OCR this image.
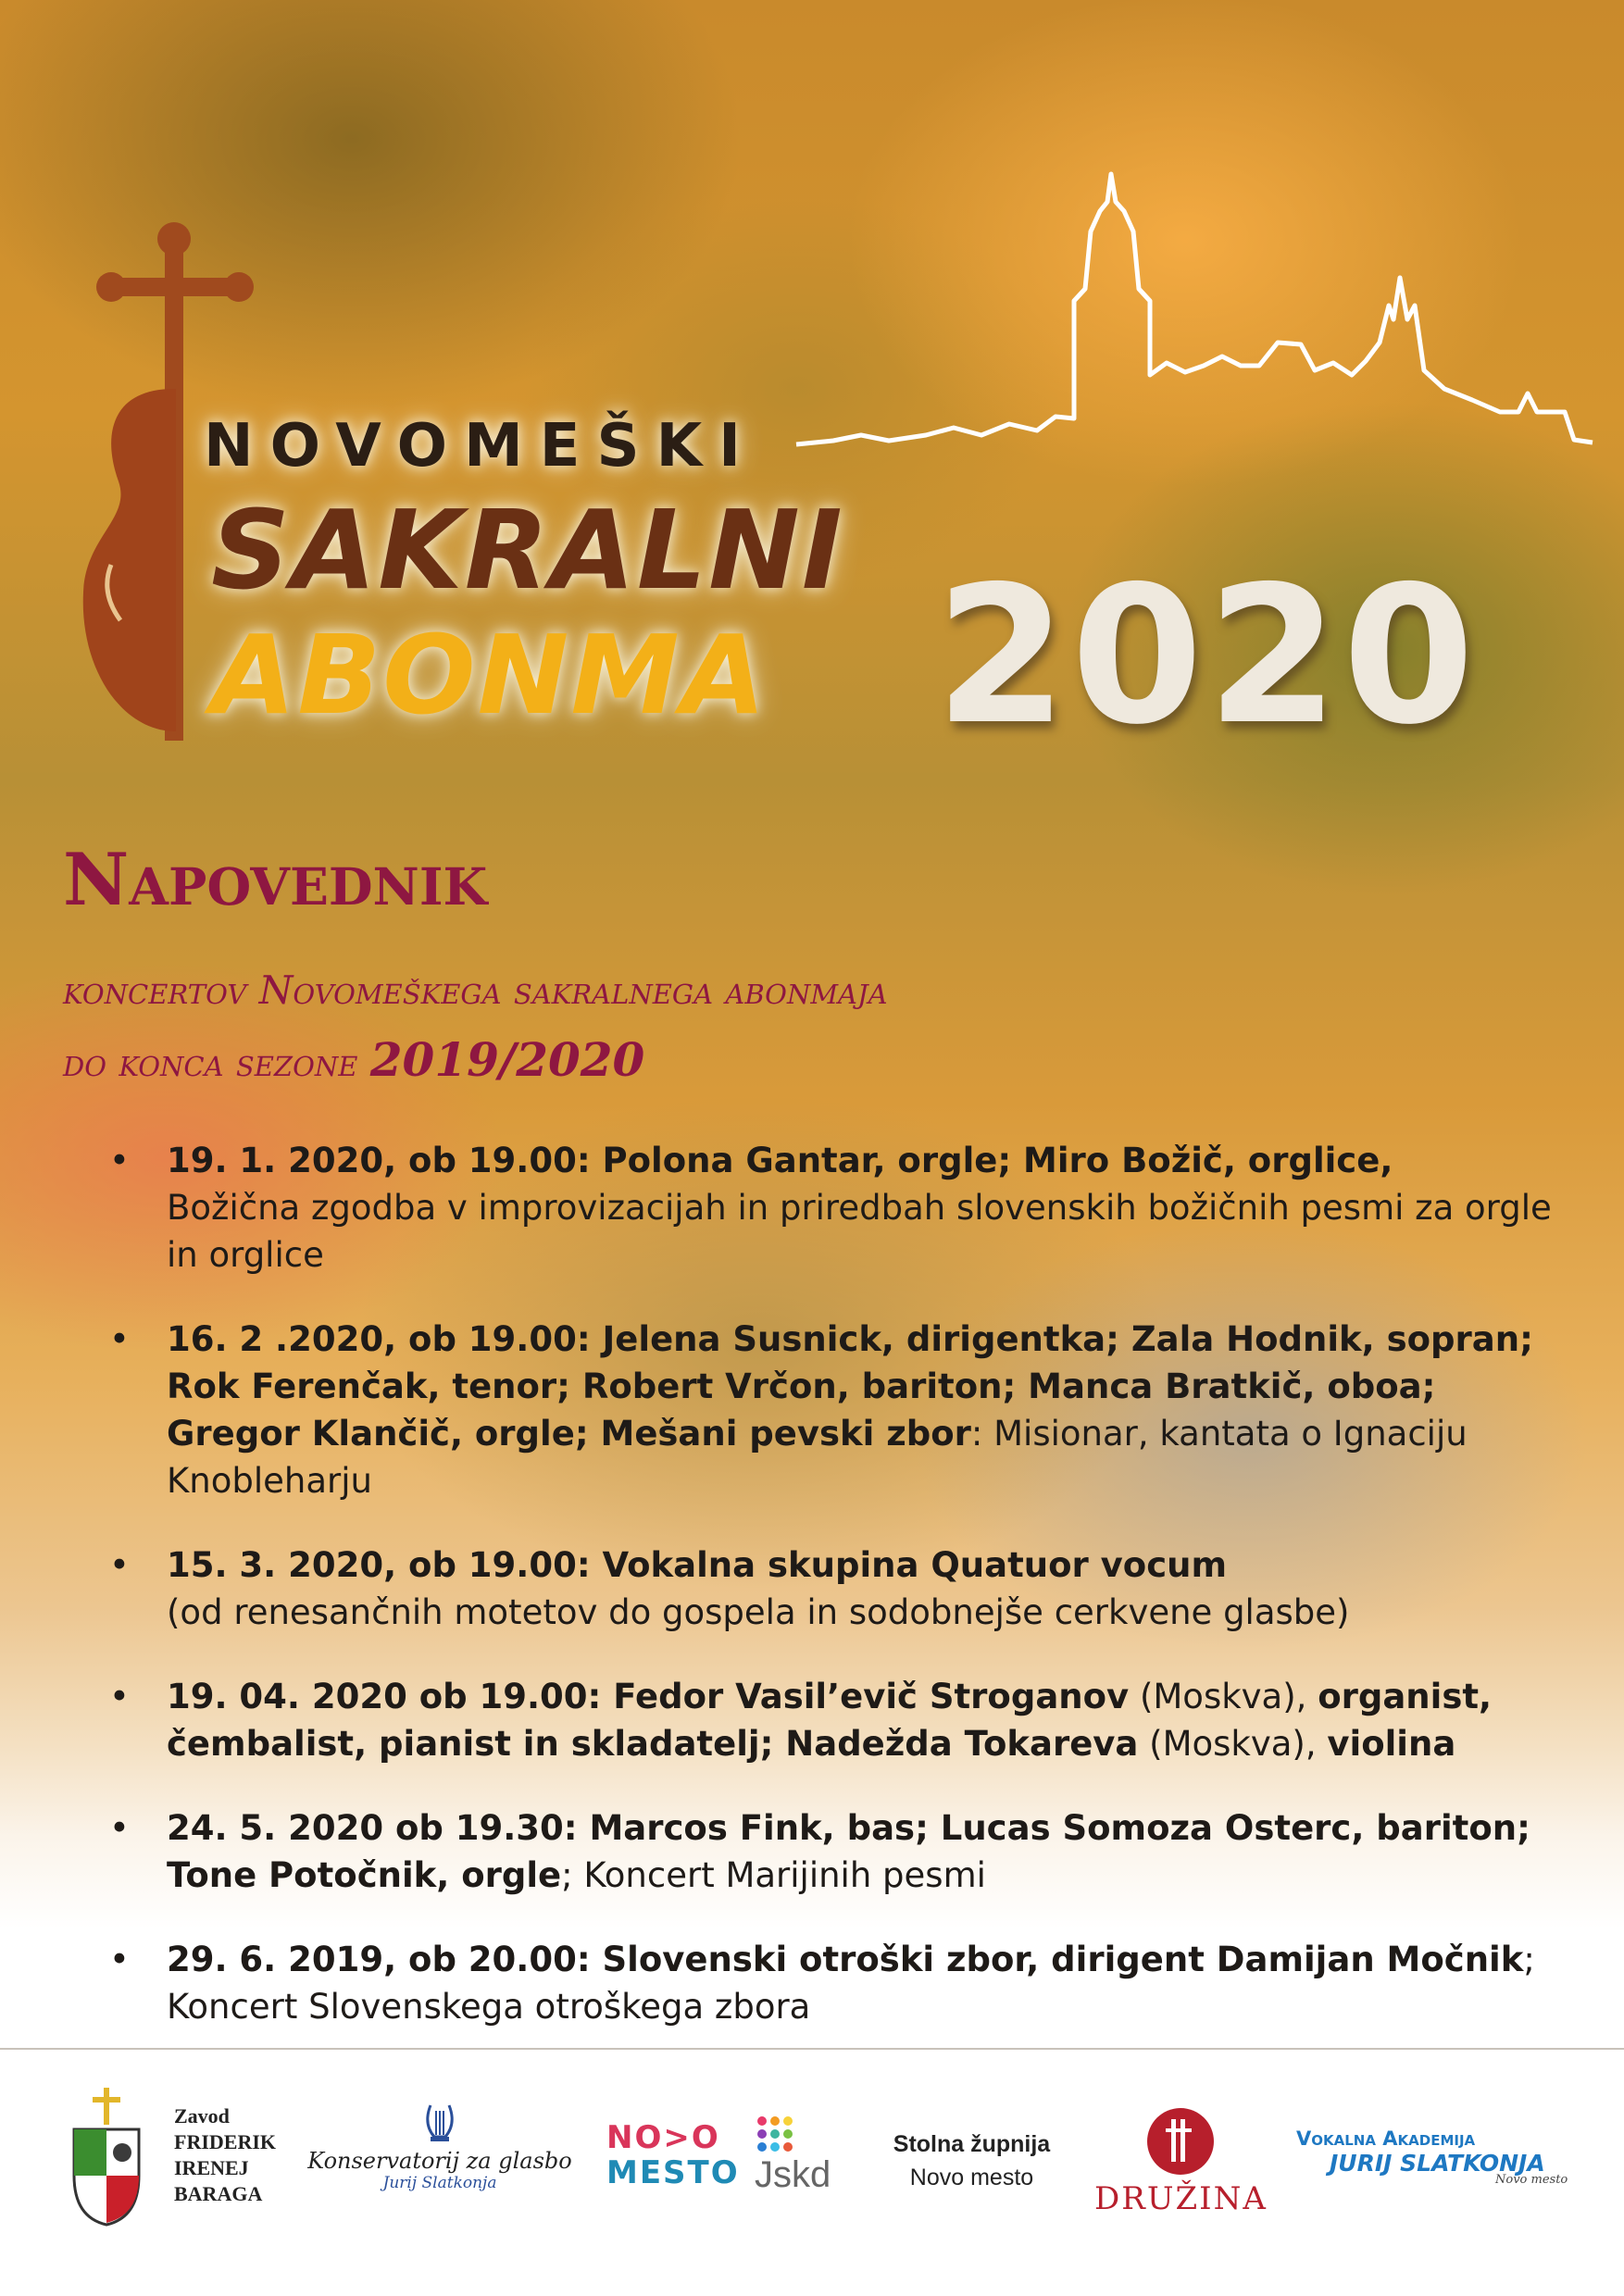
NOVOMEŠKI
SAKRALNI
ABONMA 2020
Napovednik
koncertov Novomeškega sakralnega abonmaja
do konca sezone 2019/2020
• 19. 1. 2020, ob 19.00: Polona Gantar, orgle; Miro Božič, orglice,
Božična zgodba v improvizacijah in priredbah slovenskih božičnih pesmi za orgle in orglice
• 16. 2 .2020, ob 19.00: Jelena Susnick, dirigentka; Zala Hodnik, sopran; Rok Ferenčak, tenor; Robert Vrčon, bariton; Manca Bratkič, oboa; Gregor Klančič, orgle; Mešani pevski zbor: Misionar, kantata o Ignaciju Knobleharju
• 15. 3. 2020, ob 19.00: Vokalna skupina Quatuor vocum
(od renesančnih motetov do gospela in sodobnejše cerkvene glasbe)
• 19. 04. 2020 ob 19.00: Fedor Vasil’evič Stroganov (Moskva), organist, čembalist, pianist in skladatelj; Nadežda Tokareva (Moskva), violina
• 24. 5. 2020 ob 19.30: Marcos Fink, bas; Lucas Somoza Osterc, bariton; Tone Potočnik, orgle; Koncert Marijinih pesmi
• 29. 6. 2019, ob 20.00: Slovenski otroški zbor, dirigent Damijan Močnik; Koncert Slovenskega otroškega zbora
Zavod
FRIDERIK
IRENEJ
BARAGA
Konservatorij za glasbo
Jurij Slatkonja
NO>O
MESTO Jskd
Stolna župnija
Novo mesto
DRUŽINA
Vokalna Akademija
JURIJ SLATKONJA
Novo mesto
